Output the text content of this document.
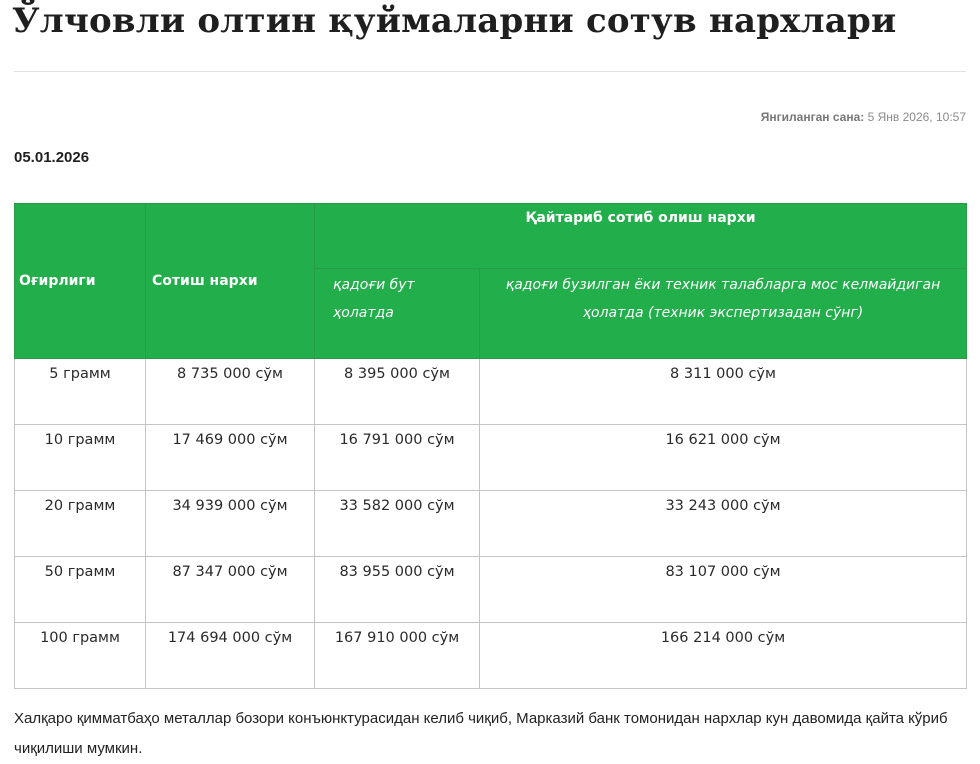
Ўлчовли олтин қуймаларни сотув нархлари
Янгиланган сана: 5 Янв 2026, 10:57
05.01.2026
Оғирлиги	Сотиш нархи	Қайтариб сотиб олиш нархи	
		қадоғи бут ҳолатда	қадоғи бузилган ёки техник талабларга мос келмайдиган ҳолатда (техник экспертизадан сўнг)
5 грамм	8 735 000 сўм	8 395 000 сўм	8 311 000 сўм
10 грамм	17 469 000 сўм	16 791 000 сўм	16 621 000 сўм
20 грамм	34 939 000 сўм	33 582 000 сўм	33 243 000 сўм
50 грамм	87 347 000 сўм	83 955 000 сўм	83 107 000 сўм
100 грамм	174 694 000 сўм	167 910 000 сўм	166 214 000 сўм

Халқаро қимматбаҳо металлар бозори конъюнктурасидан келиб чиқиб, Марказий банк томонидан нархлар кун давомида қайта кўриб чиқилиши мумкин.
